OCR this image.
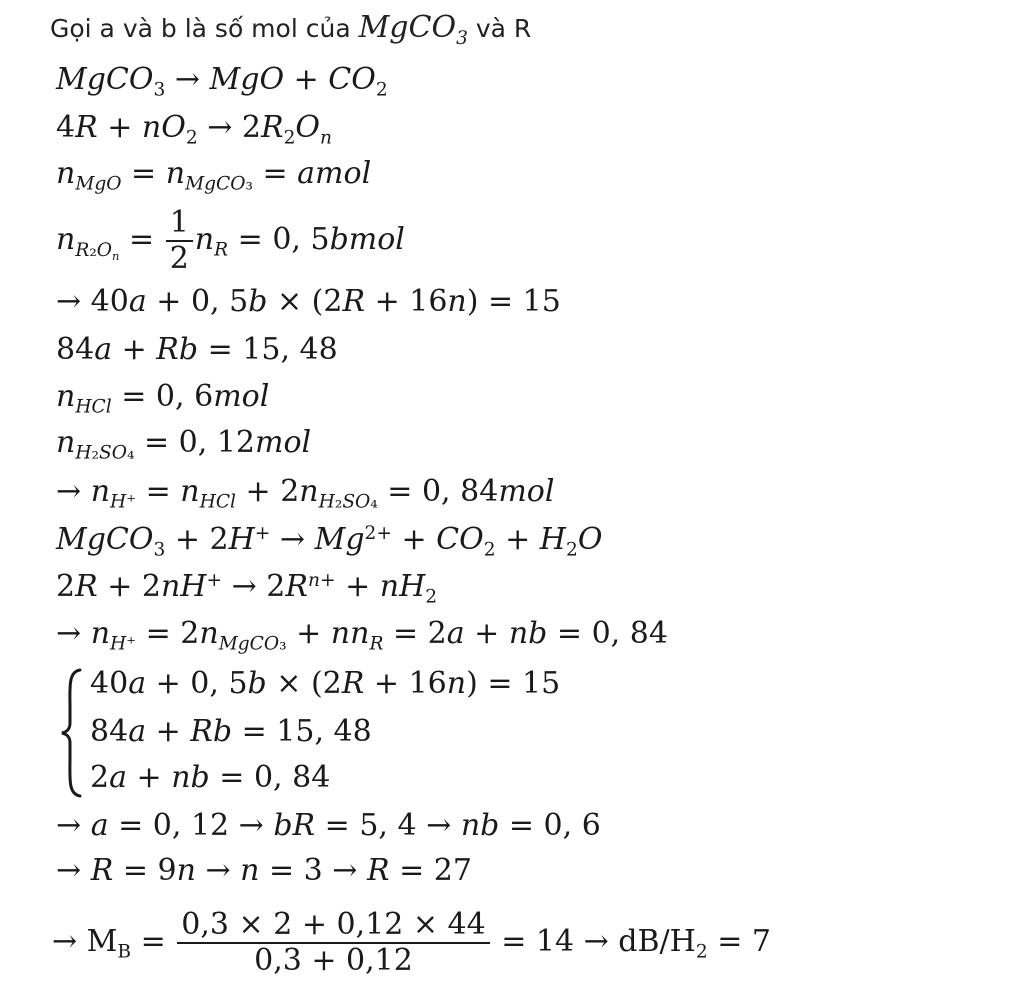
Gọi a và b là số mol của MgCO$_3$ và R
MgCO$_3$ → MgO + $CO_2$
$4R + nO_2 \to 2R_2O_n$
$n_{MgO} = n_{MgCO_3}$ = amol
$n_{R_2O_n} = \frac{1}{2} n_R = 0$, 5bmol
→ 40a + 0, 5b × (2R + 16n) = 15
84a + Rb = 15, 48
$n_{HCl} = 0$, 6mol
$n_{H_2SO_4} = 0$, 12mol
→ $n_{H^+} = n_{HCl} + 2n_{H_2SO_4} = 0$, 84mol
MgCO$_3$ + $2H^+ \to Mg^{2+} + CO_2 + H_2O$
$2R + 2nH^+ \to 2R^{n+} + nH_2$
→ $n_{H^+} = 2n_{MgCO_3} + nn_R = 2a$ + nb = 0, 84
40a + 0, 5b × (2R + 16n) = 15
84a + Rb = 15, 48
2a + nb = 0, 84
→ a = 0, 12 → bR = 5, 4 → nb = 0, 6
→ R = 9n → n = 3 → R = 27
→ $M_B = \frac{0,3 \times 2 + 0,12 \times 44}{0,3 + 0,12} = 14 \to dB/H_2 = 7$
